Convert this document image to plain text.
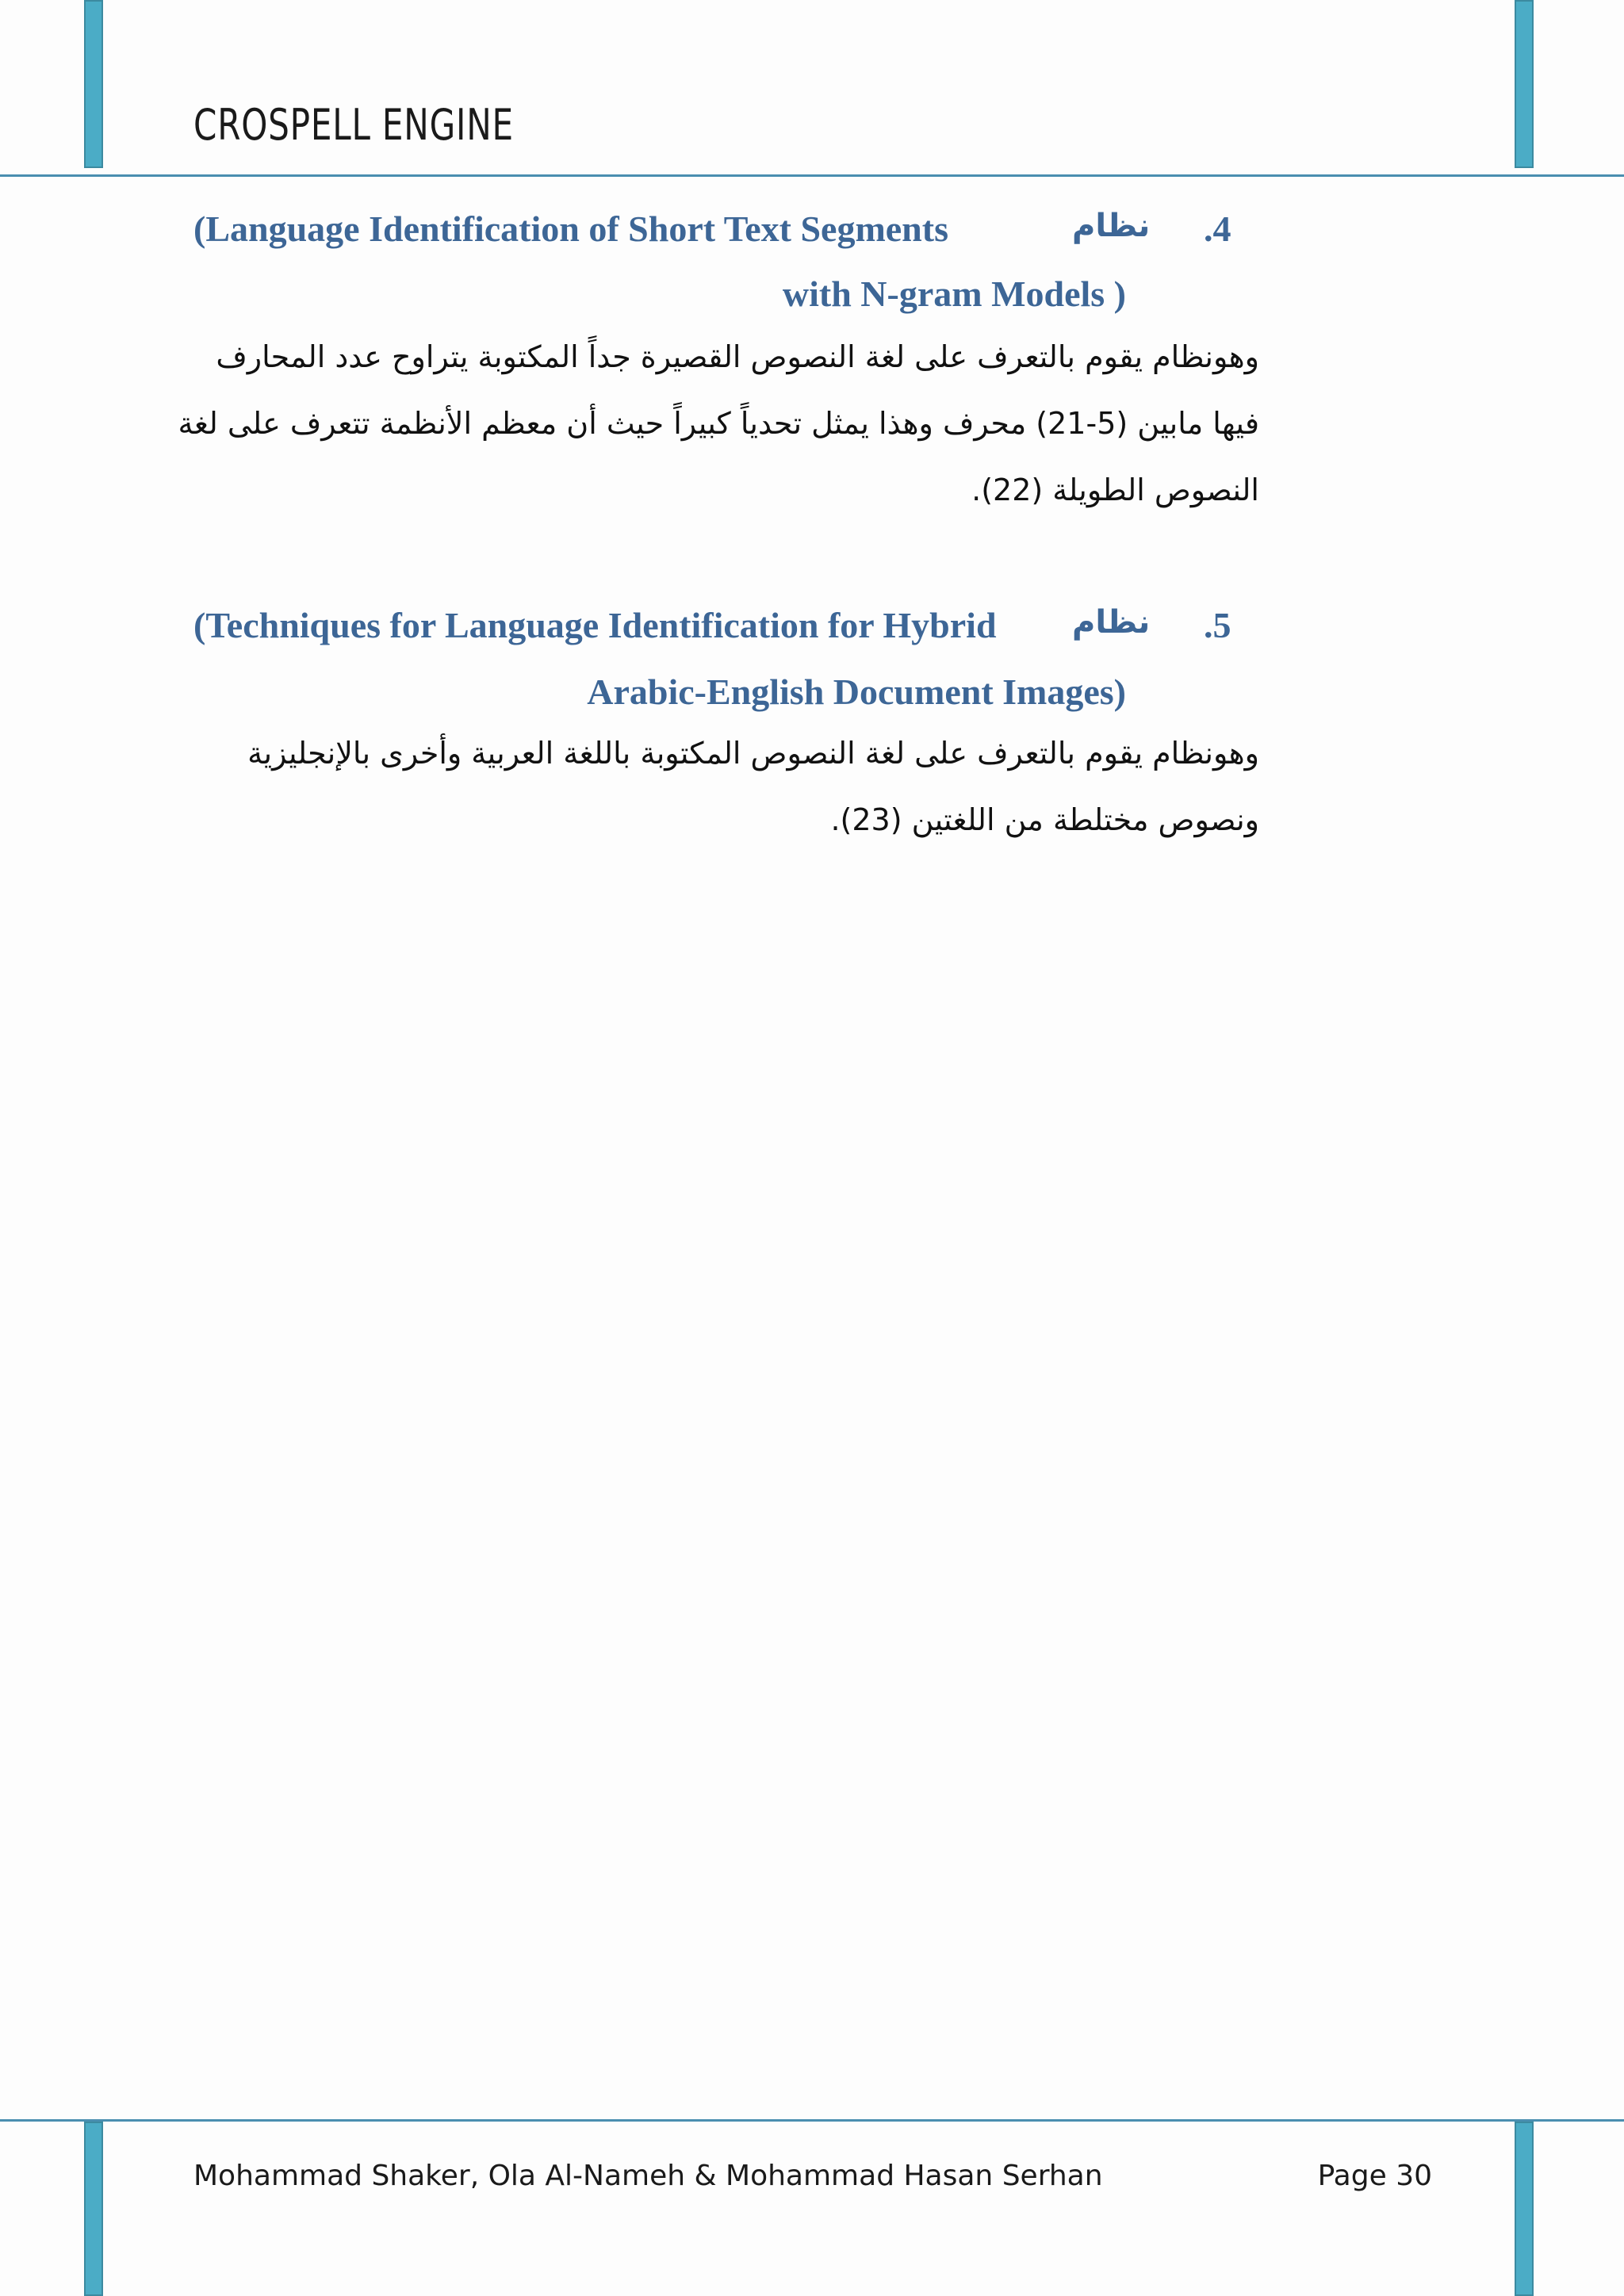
CROSPELL ENGINE
.4
نظام
(Language Identification of Short Text Segments
with N-gram Models )
وهونظام يقوم بالتعرف على لغة النصوص القصيرة جداً المكتوبة يتراوح عدد المحارف
فيها مابين (5-21) محرف وهذا يمثل تحدياً كبيراً حيث أن معظم الأنظمة تتعرف على لغة
النصوص الطويلة (22).
.5
نظام
(Techniques for Language Identification for Hybrid
Arabic-English Document Images)
وهونظام يقوم بالتعرف على لغة النصوص المكتوبة باللغة العربية وأخرى بالإنجليزية
ونصوص مختلطة من اللغتين (23).
Mohammad Shaker, Ola Al-Nameh & Mohammad Hasan Serhan	Page 30
